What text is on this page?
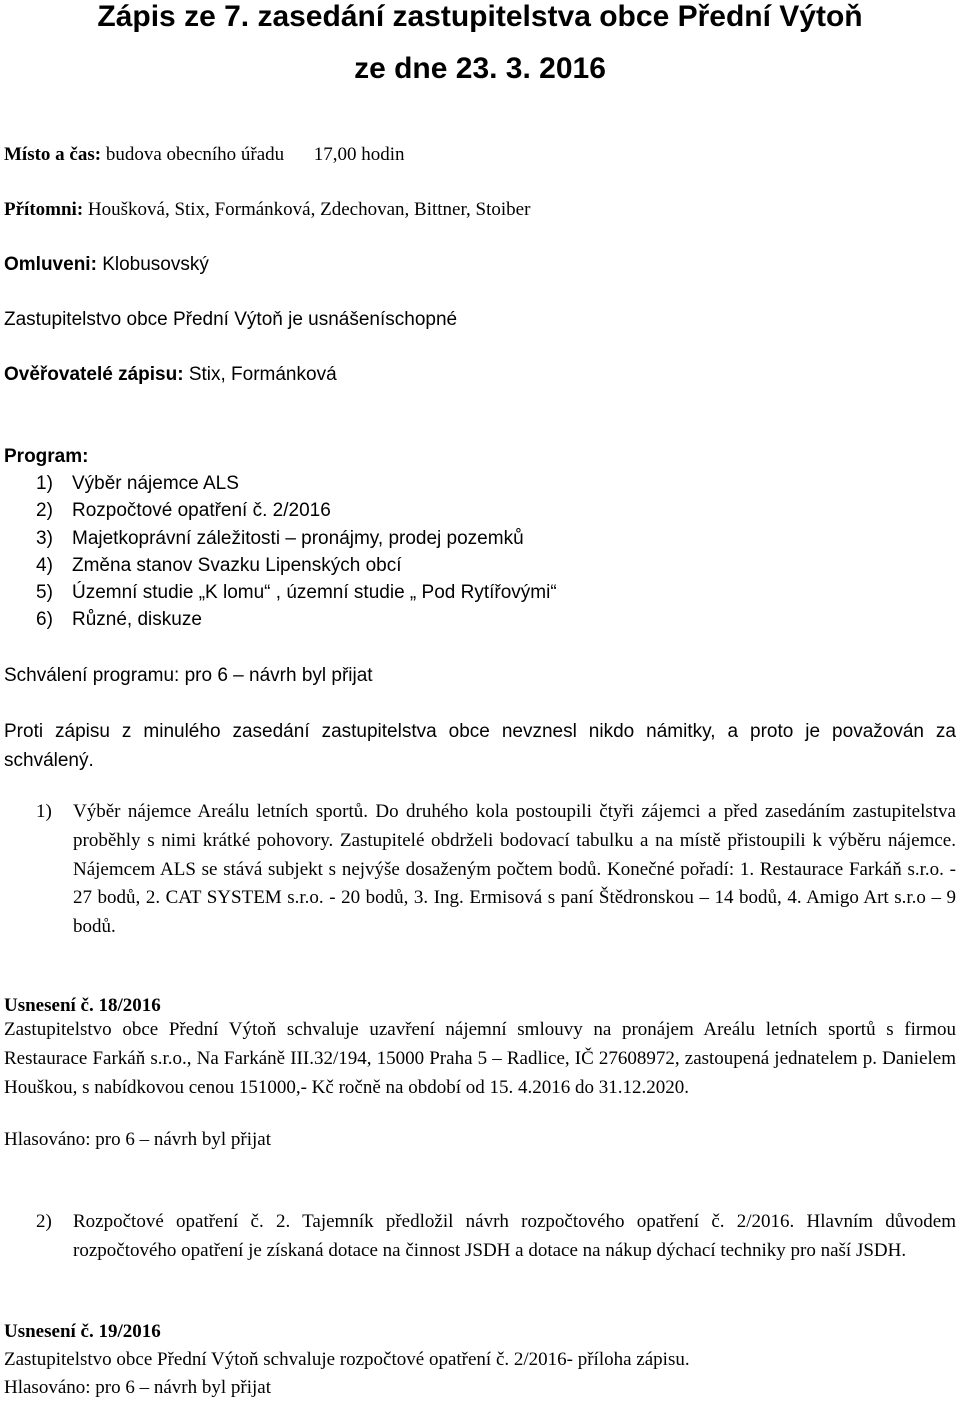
Zápis ze 7. zasedání zastupitelstva obce Přední Výtoň
ze dne 23. 3. 2016
Místo a čas: budova obecního úřadu 17,00 hodin
Přítomni: Houšková, Stix, Formánková, Zdechovan, Bittner, Stoiber
Omluveni: Klobusovský
Zastupitelstvo obce Přední Výtoň je usnášeníschopné
Ověřovatelé zápisu: Stix, Formánková
Program:
1) Výběr nájemce ALS
2) Rozpočtové opatření č. 2/2016
3) Majetkoprávní záležitosti – pronájmy, prodej pozemků
4) Změna stanov Svazku Lipenských obcí
5) Územní studie „K lomu“ , územní studie „ Pod Rytířovými“
6) Různé, diskuze
Schválení programu: pro 6 – návrh byl přijat

Proti zápisu z minulého zasedání zastupitelstva obce nevznesl nikdo námitky, a proto je považován za schválený.

1)	Výběr nájemce Areálu letních sportů. Do druhého kola postoupili čtyři zájemci a před zasedáním zastupitelstva proběhly s nimi krátké pohovory. Zastupitelé obdrželi bodovací tabulku a na místě přistoupili k výběru nájemce. Nájemcem ALS se stává subjekt s nejvýše dosaženým počtem bodů. Konečné pořadí: 1. Restaurace Farkáň s.r.o. - 27 bodů, 2. CAT SYSTEM s.r.o. - 20 bodů, 3. Ing. Ermisová s paní Štědronskou – 14 bodů, 4. Amigo Art s.r.o – 9 bodů.
Usnesení č. 18/2016

Zastupitelstvo obce Přední Výtoň schvaluje uzavření nájemní smlouvy na pronájem Areálu letních sportů s firmou Restaurace Farkáň s.r.o., Na Farkáně III.32/194, 15000 Praha 5 – Radlice, IČ 27608972, zastoupená jednatelem p. Danielem Houškou, s nabídkovou cenou 151000,- Kč ročně na období od 15. 4.2016 do 31.12.2020.

Hlasováno: pro 6 – návrh byl přijat
2)	Rozpočtové opatření č. 2. Tajemník předložil návrh rozpočtového opatření č. 2/2016. Hlavním důvodem rozpočtového opatření je získaná dotace na činnost JSDH a dotace na nákup dýchací techniky pro naší JSDH.
Usnesení č. 19/2016
Zastupitelstvo obce Přední Výtoň schvaluje rozpočtové opatření č. 2/2016- příloha zápisu.
Hlasováno: pro 6 – návrh byl přijat
